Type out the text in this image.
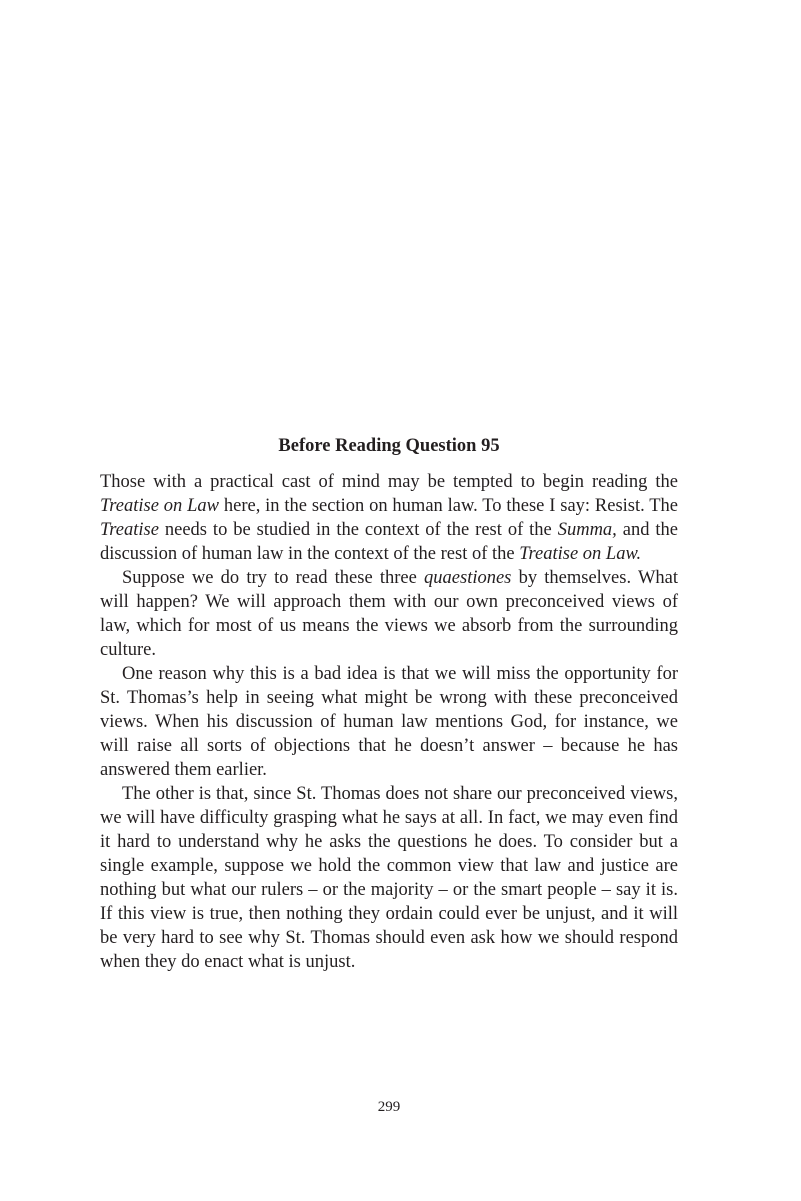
Before Reading Question 95

Those with a practical cast of mind may be tempted to begin reading the Treatise on Law here, in the section on human law. To these I say: Resist. The Treatise needs to be studied in the context of the rest of the Summa, and the discussion of human law in the context of the rest of the Treatise on Law.

Suppose we do try to read these three quaestiones by themselves. What will happen? We will approach them with our own preconceived views of law, which for most of us means the views we absorb from the surrounding culture.

One reason why this is a bad idea is that we will miss the opportunity for St. Thomas’s help in seeing what might be wrong with these preconceived views. When his discussion of human law mentions God, for instance, we will raise all sorts of objections that he doesn’t answer – because he has answered them earlier.

The other is that, since St. Thomas does not share our preconceived views, we will have difficulty grasping what he says at all. In fact, we may even find it hard to understand why he asks the questions he does. To consider but a single example, suppose we hold the common view that law and justice are nothing but what our rulers – or the majority – or the smart people – say it is. If this view is true, then nothing they ordain could ever be unjust, and it will be very hard to see why St. Thomas should even ask how we should respond when they do enact what is unjust.

299
